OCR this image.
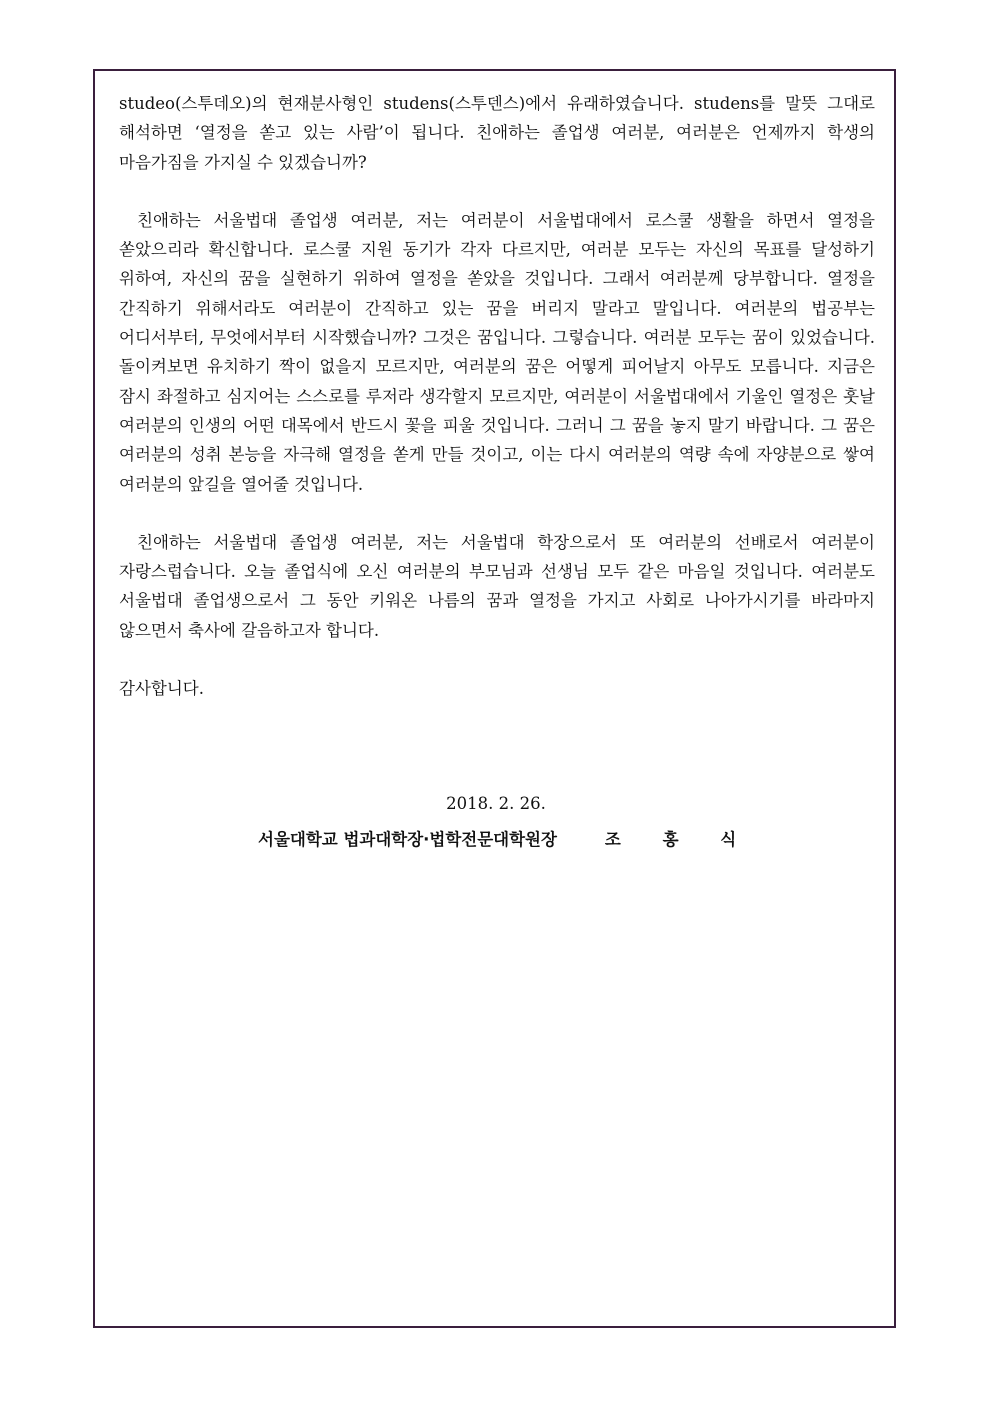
studeo(스투데오)의 현재분사형인 studens(스투덴스)에서 유래하였습니다. studens를 말뜻 그대로 해석하면 ‘열정을 쏟고 있는 사람’이 됩니다. 친애하는 졸업생 여러분, 여러분은 언제까지 학생의 마음가짐을 가지실 수 있겠습니까?

친애하는 서울법대 졸업생 여러분, 저는 여러분이 서울법대에서 로스쿨 생활을 하면서 열정을 쏟았으리라 확신합니다. 로스쿨 지원 동기가 각자 다르지만, 여러분 모두는 자신의 목표를 달성하기 위하여, 자신의 꿈을 실현하기 위하여 열정을 쏟았을 것입니다. 그래서 여러분께 당부합니다. 열정을 간직하기 위해서라도 여러분이 간직하고 있는 꿈을 버리지 말라고 말입니다. 여러분의 법공부는 어디서부터, 무엇에서부터 시작했습니까? 그것은 꿈입니다. 그렇습니다. 여러분 모두는 꿈이 있었습니다. 돌이켜보면 유치하기 짝이 없을지 모르지만, 여러분의 꿈은 어떻게 피어날지 아무도 모릅니다. 지금은 잠시 좌절하고 심지어는 스스로를 루저라 생각할지 모르지만, 여러분이 서울법대에서 기울인 열정은 훗날 여러분의 인생의 어떤 대목에서 반드시 꽃을 피울 것입니다. 그러니 그 꿈을 놓지 말기 바랍니다. 그 꿈은 여러분의 성취 본능을 자극해 열정을 쏟게 만들 것이고, 이는 다시 여러분의 역량 속에 자양분으로 쌓여 여러분의 앞길을 열어줄 것입니다.

친애하는 서울법대 졸업생 여러분, 저는 서울법대 학장으로서 또 여러분의 선배로서 여러분이 자랑스럽습니다. 오늘 졸업식에 오신 여러분의 부모님과 선생님 모두 같은 마음일 것입니다. 여러분도 서울법대 졸업생으로서 그 동안 키워온 나름의 꿈과 열정을 가지고 사회로 나아가시기를 바라마지 않으면서 축사에 갈음하고자 합니다.

감사합니다.

2018. 2. 26.
서울대학교 법과대학장·법학전문대학원장	조 홍 식
